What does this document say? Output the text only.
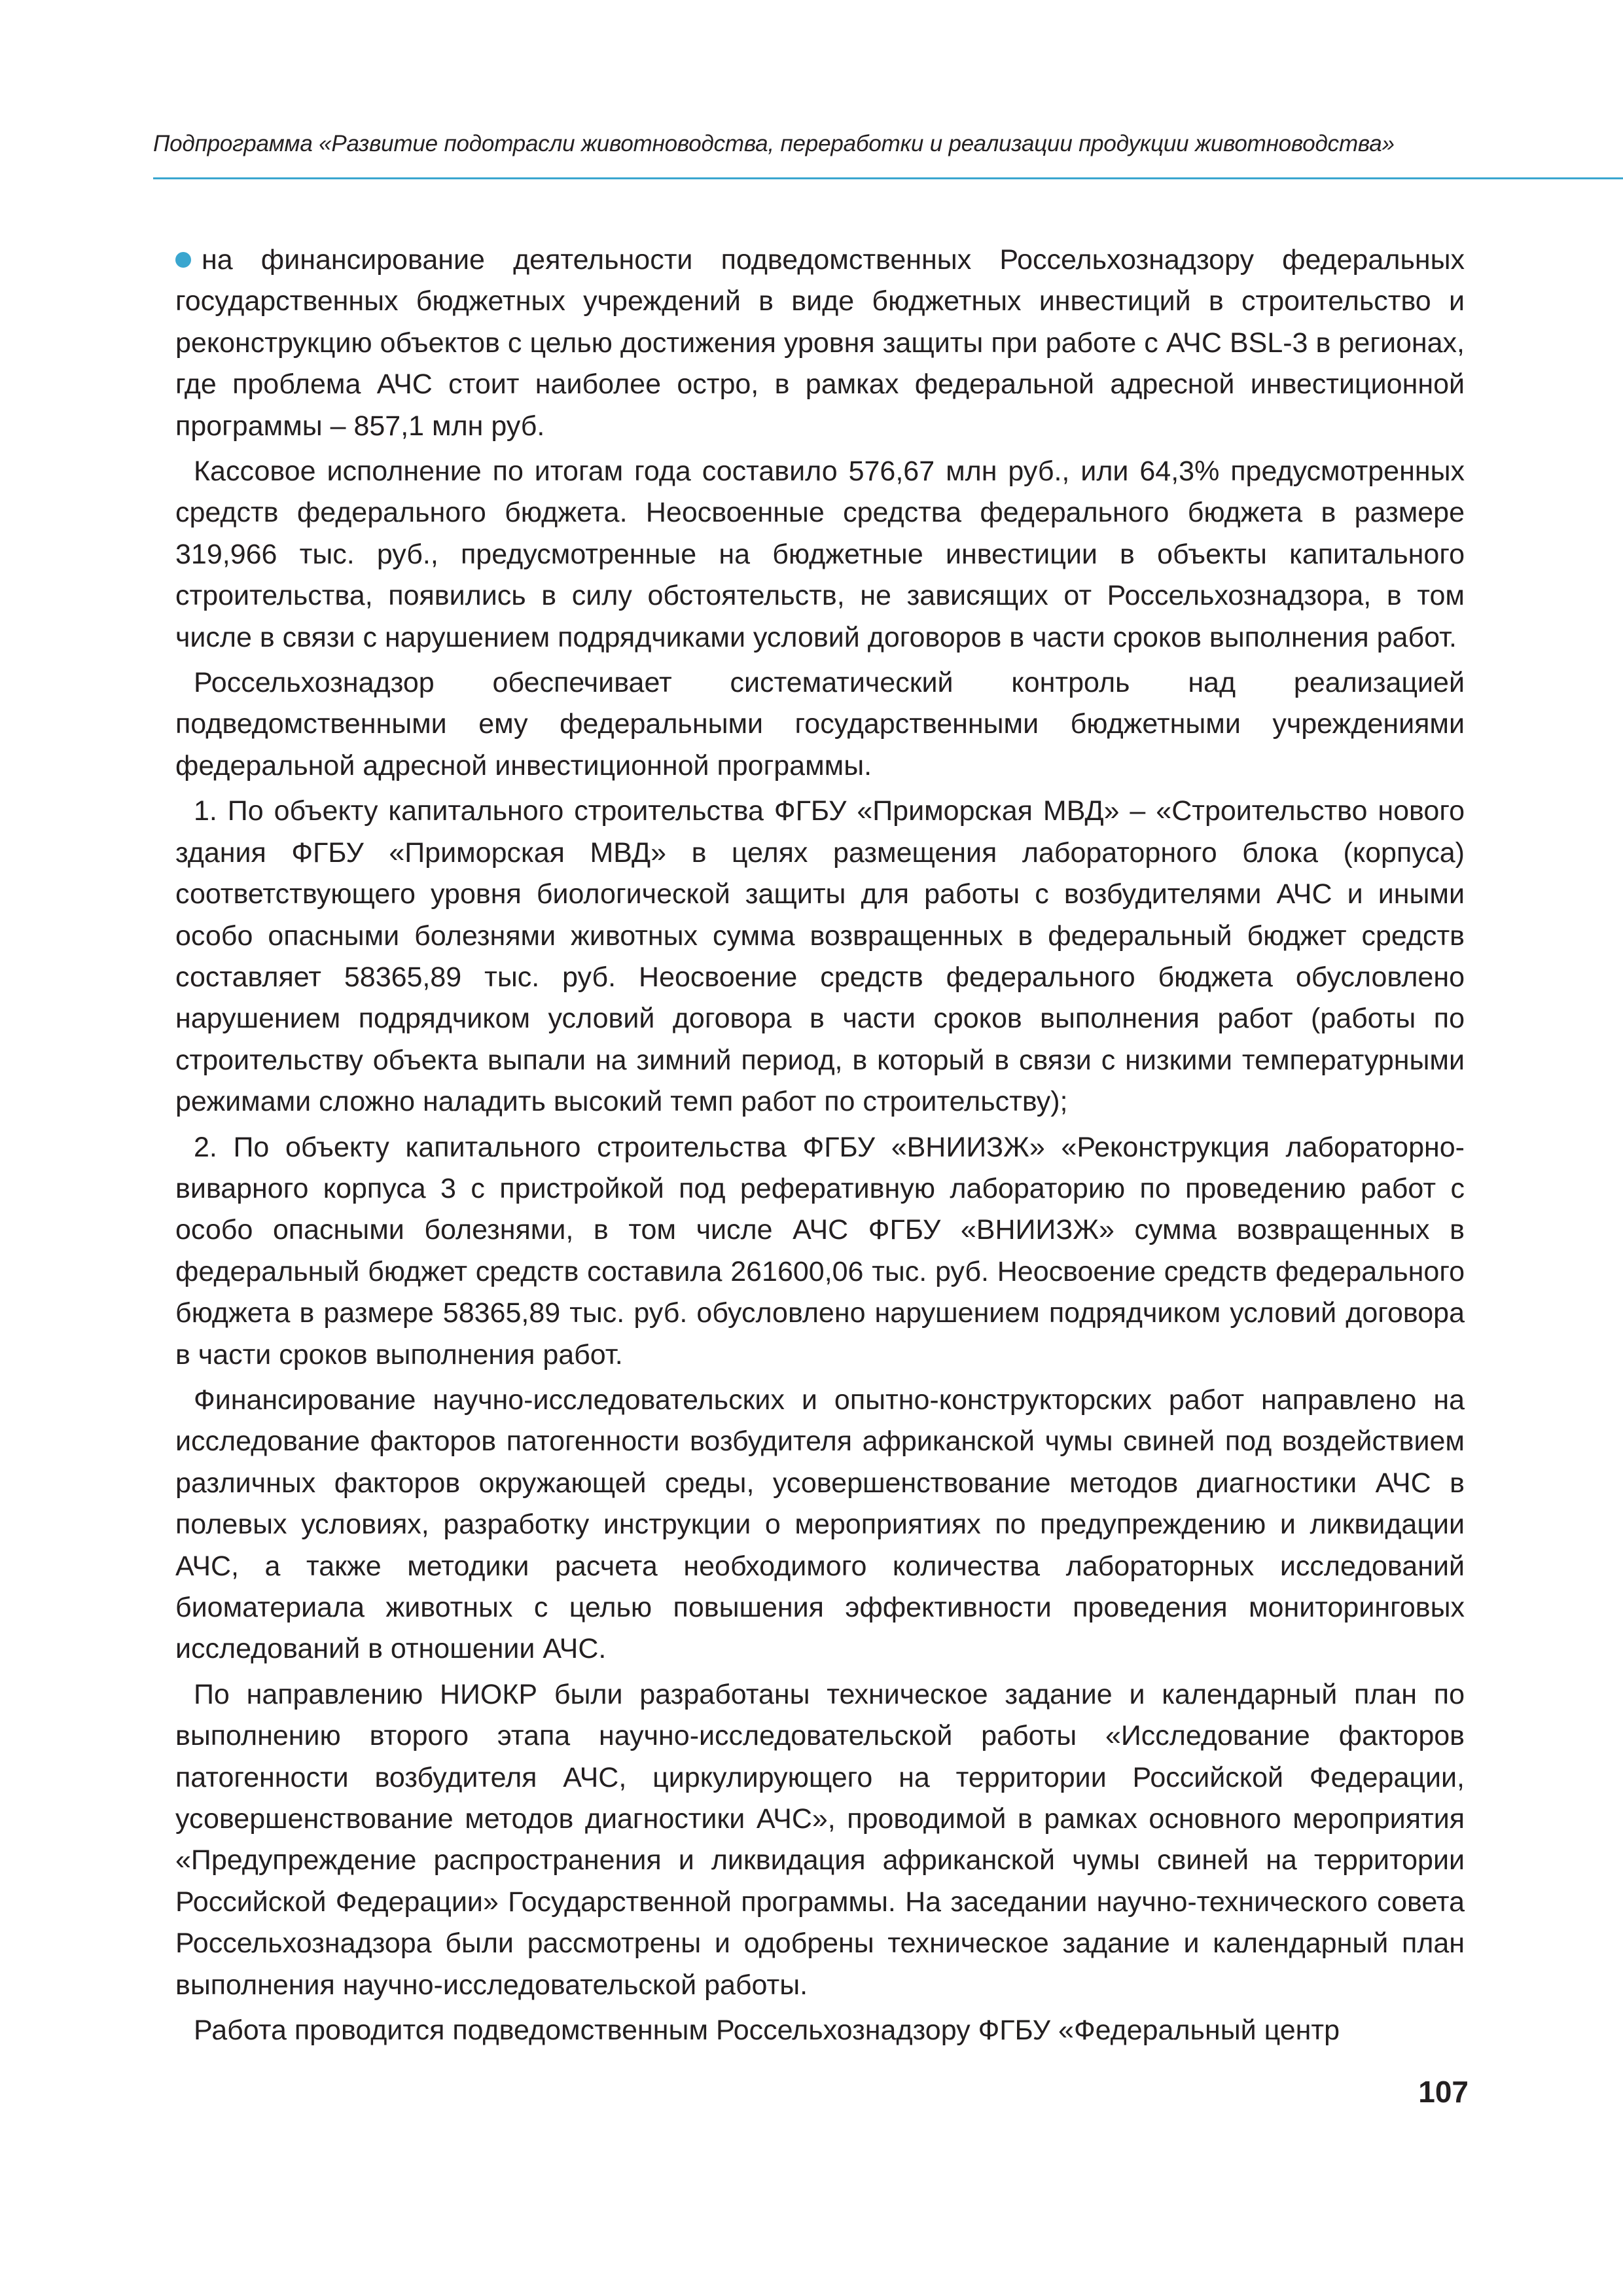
Подпрограмма «Развитие подотрасли животноводства, переработки и реализации продукции животноводства»

на финансирование деятельности подведомственных Россельхознадзору федеральных государственных бюджетных учреждений в виде бюджетных инвестиций в строительство и реконструкцию объектов с целью достижения уровня защиты при работе с АЧС BSL-3 в регионах, где проблема АЧС стоит наиболее остро, в рамках федеральной адресной инвестиционной программы – 857,1 млн руб.

Кассовое исполнение по итогам года составило 576,67 млн руб., или 64,3% предусмотренных средств федерального бюджета. Неосвоенные средства федерального бюджета в размере 319,966 тыс. руб., предусмотренные на бюджетные инвестиции в объекты капитального строительства, появились в силу обстоятельств, не зависящих от Россельхознадзора, в том числе в связи с нарушением подрядчиками условий договоров в части сроков выполнения работ.

Россельхознадзор обеспечивает систематический контроль над реализацией подведомственными ему федеральными государственными бюджетными учреждениями федеральной адресной инвестиционной программы.

1. По объекту капитального строительства ФГБУ «Приморская МВД» – «Строительство нового здания ФГБУ «Приморская МВД» в целях размещения лабораторного блока (корпуса) соответствующего уровня биологической защиты для работы с возбудителями АЧС и иными особо опасными болезнями животных сумма возвращенных в федеральный бюджет средств составляет 58365,89 тыс. руб. Неосвоение средств федерального бюджета обусловлено нарушением подрядчиком условий договора в части сроков выполнения работ (работы по строительству объекта выпали на зимний период, в который в связи с низкими температурными режимами сложно наладить высокий темп работ по строительству);

2. По объекту капитального строительства ФГБУ «ВНИИЗЖ» «Реконструкция лабораторно-виварного корпуса 3 с пристройкой под реферативную лабораторию по проведению работ с особо опасными болезнями, в том числе АЧС ФГБУ «ВНИИЗЖ» сумма возвращенных в федеральный бюджет средств составила 261600,06 тыс. руб. Неосвоение средств федерального бюджета в размере 58365,89 тыс. руб. обусловлено нарушением подрядчиком условий договора в части сроков выполнения работ.

Финансирование научно-исследовательских и опытно-конструкторских работ направлено на исследование факторов патогенности возбудителя африканской чумы свиней под воздействием различных факторов окружающей среды, усовершенствование методов диагностики АЧС в полевых условиях, разработку инструкции о мероприятиях по предупреждению и ликвидации АЧС, а также методики расчета необходимого количества лабораторных исследований биоматериала животных с целью повышения эффективности проведения мониторинговых исследований в отношении АЧС.

По направлению НИОКР были разработаны техническое задание и календарный план по выполнению второго этапа научно-исследовательской работы «Исследование факторов патогенности возбудителя АЧС, циркулирующего на территории Российской Федерации, усовершенствование методов диагностики АЧС», проводимой в рамках основного мероприятия «Предупреждение распространения и ликвидация африканской чумы свиней на территории Российской Федерации» Государственной программы. На заседании научно-технического совета Россельхознадзора были рассмотрены и одобрены техническое задание и календарный план выполнения научно-исследовательской работы.

Работа проводится подведомственным Россельхознадзору ФГБУ «Федеральный центр

107
